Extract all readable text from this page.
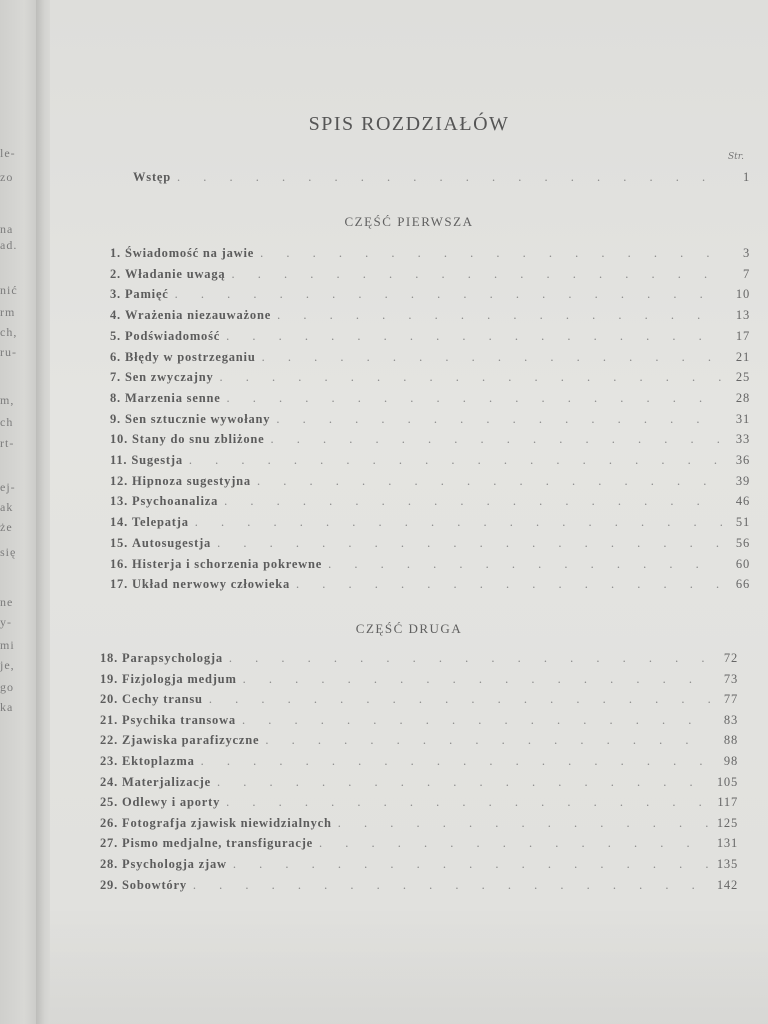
le-
zo
na
ad.
nić
rm
ch,
ru-
m,
ch
rt-
ej-
ak
że
się
ne
y-
mi
je,
go
ka
SPIS ROZDZIAŁÓW
Str.
Wstęp . . .	1
CZĘŚĆ PIERWSZA
1. Świadomość na jawie . . .	3
2. Władanie uwagą . . .	7
3. Pamięć . . .	10
4. Wrażenia niezauważone . . .	13
5. Podświadomość . . .	17
6. Błędy w postrzeganiu . . .	21
7. Sen zwyczajny . . .	25
8. Marzenia senne . . .	28
9. Sen sztucznie wywołany . . .	31
10. Stany do snu zbliżone . . .	33
11. Sugestja . . .	36
12. Hipnoza sugestyjna . . .	39
13. Psychoanaliza . . .	46
14. Telepatja . . .	51
15. Autosugestja . . .	56
16. Histerja i schorzenia pokrewne . . .	60
17. Układ nerwowy człowieka . . .	66
CZĘŚĆ DRUGA
18. Parapsychologja . . .	72
19. Fizjologja medjum . . .	73
20. Cechy transu . . .	77
21. Psychika transowa . . .	83
22. Zjawiska parafizyczne . . .	88
23. Ektoplazma . . .	98
24. Materjalizacje . . .	105
25. Odlewy i aporty . . .	117
26. Fotografja zjawisk niewidzialnych . . .	125
27. Pismo medjalne, transfiguracje . . .	131
28. Psychologja zjaw . . .	135
29. Sobowtóry . . .	142
